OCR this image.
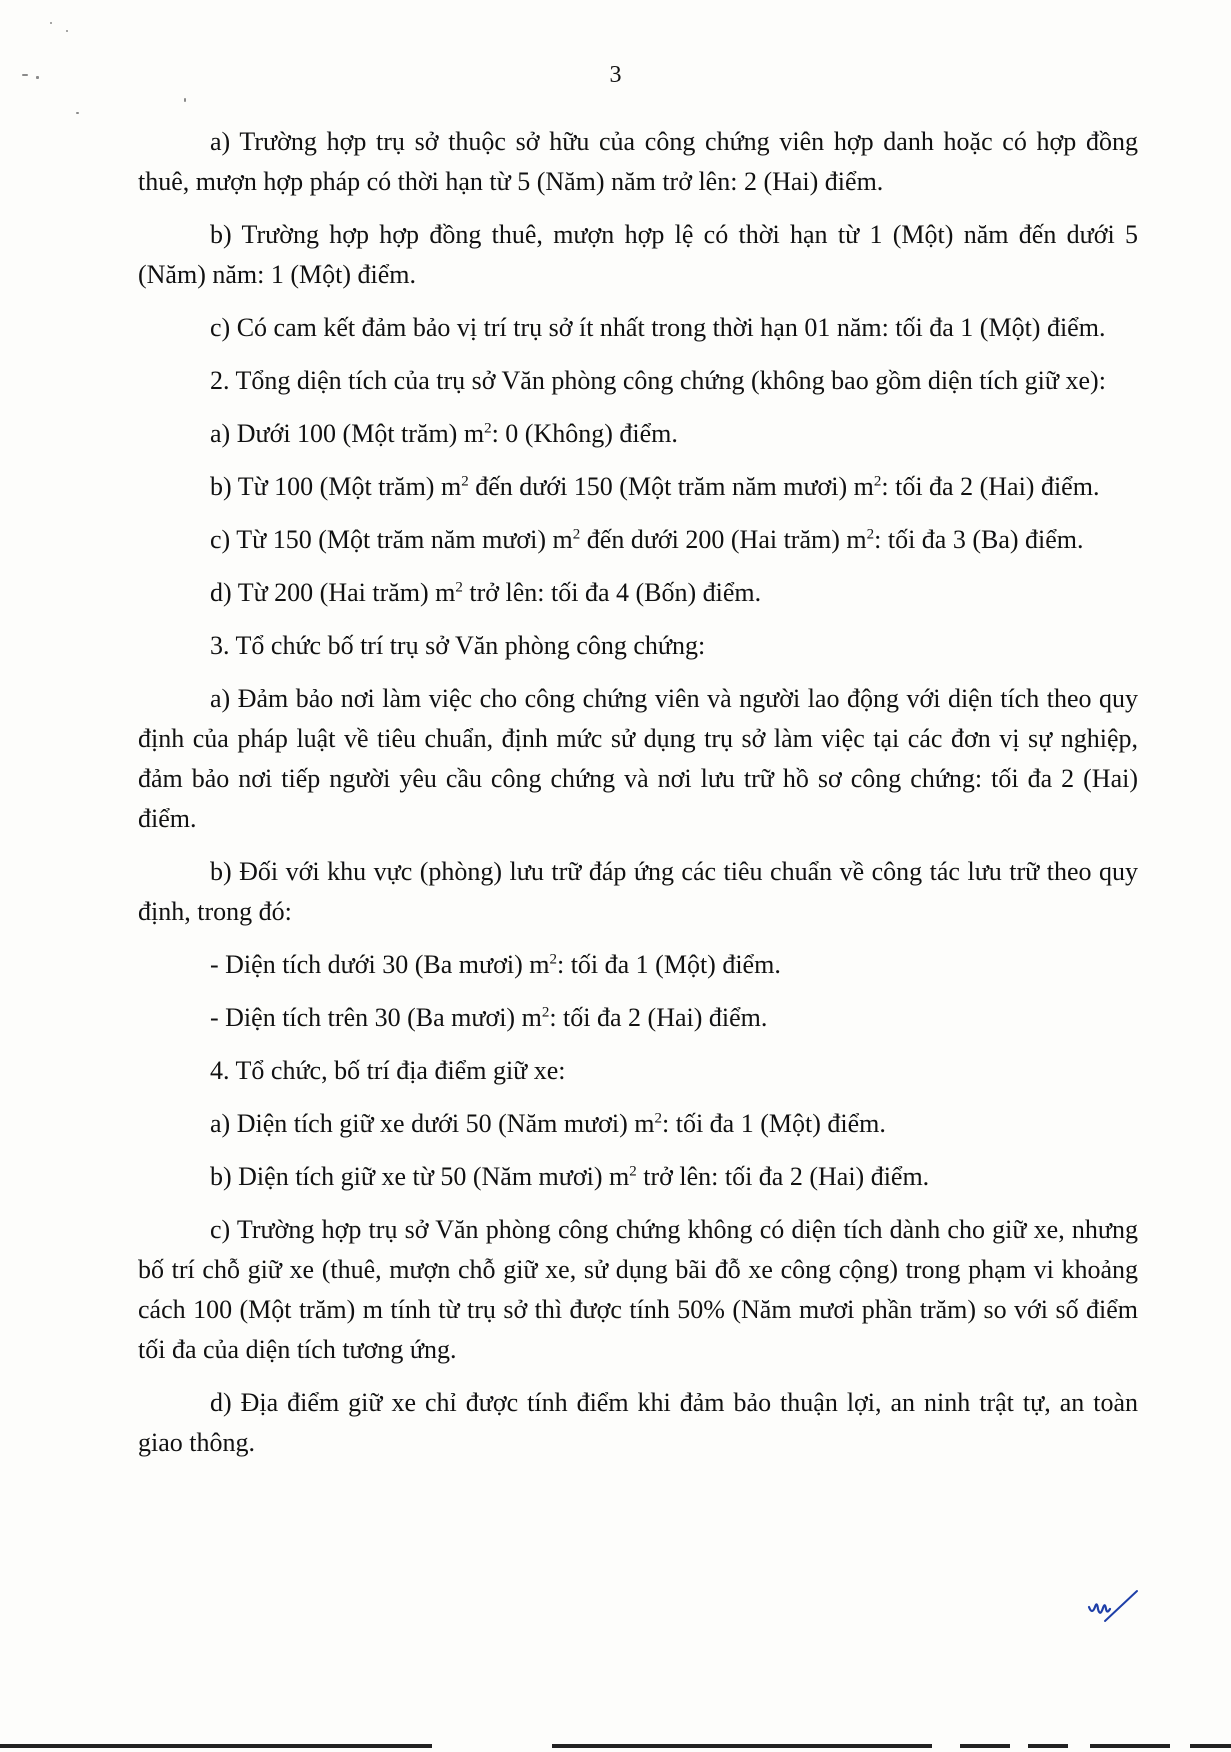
3

a) Trường hợp trụ sở thuộc sở hữu của công chứng viên hợp danh hoặc có hợp đồng thuê, mượn hợp pháp có thời hạn từ 5 (Năm) năm trở lên: 2 (Hai) điểm.

b) Trường hợp hợp đồng thuê, mượn hợp lệ có thời hạn từ 1 (Một) năm đến dưới 5 (Năm) năm: 1 (Một) điểm.

c) Có cam kết đảm bảo vị trí trụ sở ít nhất trong thời hạn 01 năm: tối đa 1 (Một) điểm.

2. Tổng diện tích của trụ sở Văn phòng công chứng (không bao gồm diện tích giữ xe):

a) Dưới 100 (Một trăm) $m^2$: 0 (Không) điểm.

b) Từ 100 (Một trăm) $m^2$ đến dưới 150 (Một trăm năm mươi) $m^2$: tối đa 2 (Hai) điểm.

c) Từ 150 (Một trăm năm mươi) $m^2$ đến dưới 200 (Hai trăm) $m^2$: tối đa 3 (Ba) điểm.

d) Từ 200 (Hai trăm) $m^2$ trở lên: tối đa 4 (Bốn) điểm.

3. Tổ chức bố trí trụ sở Văn phòng công chứng:

a) Đảm bảo nơi làm việc cho công chứng viên và người lao động với diện tích theo quy định của pháp luật về tiêu chuẩn, định mức sử dụng trụ sở làm việc tại các đơn vị sự nghiệp, đảm bảo nơi tiếp người yêu cầu công chứng và nơi lưu trữ hồ sơ công chứng: tối đa 2 (Hai) điểm.

b) Đối với khu vực (phòng) lưu trữ đáp ứng các tiêu chuẩn về công tác lưu trữ theo quy định, trong đó:

- Diện tích dưới 30 (Ba mươi) $m^2$: tối đa 1 (Một) điểm.

- Diện tích trên 30 (Ba mươi) $m^2$: tối đa 2 (Hai) điểm.

4. Tổ chức, bố trí địa điểm giữ xe:

a) Diện tích giữ xe dưới 50 (Năm mươi) $m^2$: tối đa 1 (Một) điểm.

b) Diện tích giữ xe từ 50 (Năm mươi) $m^2$ trở lên: tối đa 2 (Hai) điểm.

c) Trường hợp trụ sở Văn phòng công chứng không có diện tích dành cho giữ xe, nhưng bố trí chỗ giữ xe (thuê, mượn chỗ giữ xe, sử dụng bãi đỗ xe công cộng) trong phạm vi khoảng cách 100 (Một trăm) m tính từ trụ sở thì được tính 50% (Năm mươi phần trăm) so với số điểm tối đa của diện tích tương ứng.

d) Địa điểm giữ xe chỉ được tính điểm khi đảm bảo thuận lợi, an ninh trật tự, an toàn giao thông.
